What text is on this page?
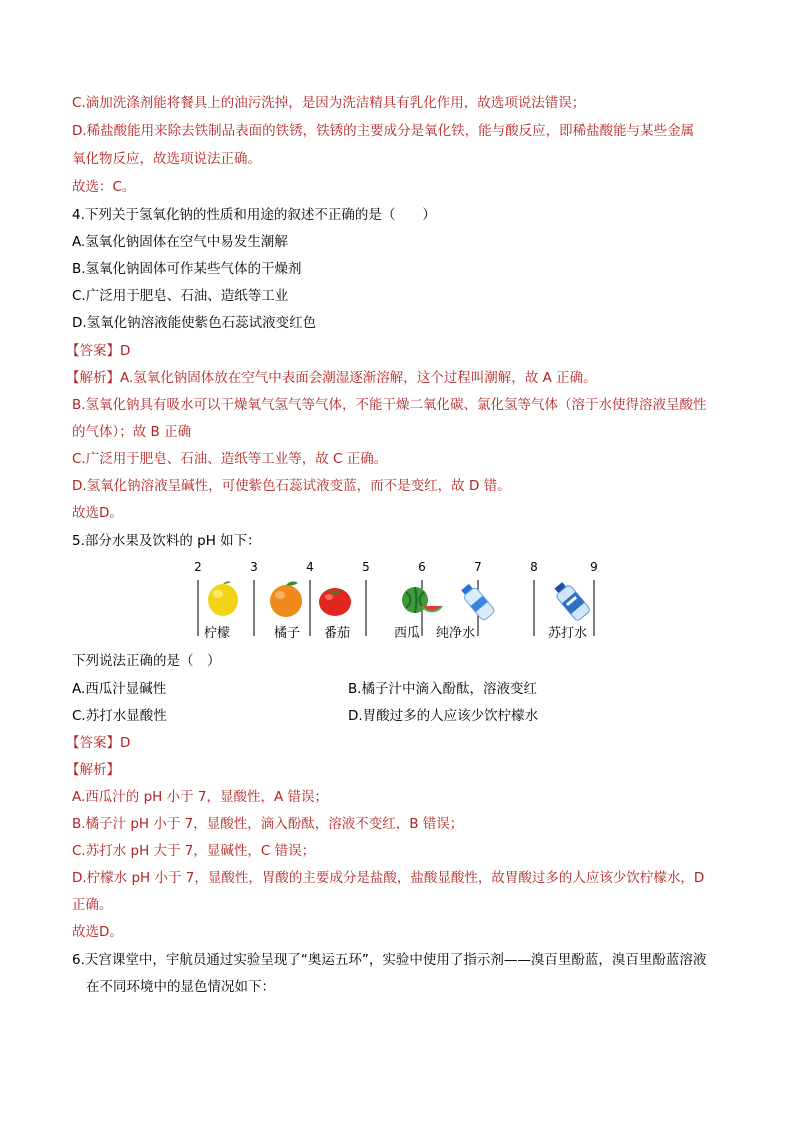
C.滴加洗涤剂能将餐具上的油污洗掉，是因为洗洁精具有乳化作用，故选项说法错误；
D.稀盐酸能用来除去铁制品表面的铁锈，铁锈的主要成分是氧化铁，能与酸反应，即稀盐酸能与某些金属
氧化物反应，故选项说法正确。
故选：C。
4.下列关于氢氧化钠的性质和用途的叙述不正确的是（　　）
A.氢氧化钠固体在空气中易发生潮解
B.氢氧化钠固体可作某些气体的干燥剂
C.广泛用于肥皂、石油、造纸等工业
D.氢氧化钠溶液能使紫色石蕊试液变红色
【答案】D
【解析】A.氢氧化钠固体放在空气中表面会潮湿逐渐溶解，这个过程叫潮解，故 A 正确。
B.氢氧化钠具有吸水可以干燥氧气氢气等气体，不能干燥二氧化碳、氯化氢等气体（溶于水使得溶液呈酸性
的气体）；故 B 正确
C.广泛用于肥皂、石油、造纸等工业等，故 C 正确。
D.氢氧化钠溶液呈碱性，可使紫色石蕊试液变蓝，而不是变红，故 D 错。
故选D。
5.部分水果及饮料的 pH 如下：
2	3	4	5	6	7	8	9
柠檬	橘子 番茄	西瓜 纯净水	苏打水
下列说法正确的是（　）
A.西瓜汁显碱性	B.橘子汁中滴入酚酞，溶液变红
C.苏打水显酸性	D.胃酸过多的人应该少饮柠檬水
【答案】D
【解析】
A.西瓜汁的 pH 小于 7，显酸性，A 错误；
B.橘子汁 pH 小于 7，显酸性，滴入酚酞，溶液不变红，B 错误；
C.苏打水 pH 大于 7，显碱性，C 错误；
D.柠檬水 pH 小于 7，显酸性，胃酸的主要成分是盐酸，盐酸显酸性，故胃酸过多的人应该少饮柠檬水，D
正确。
故选D。
6.天宫课堂中，宇航员通过实验呈现了“奥运五环”，实验中使用了指示剂——溴百里酚蓝，溴百里酚蓝溶液
在不同环境中的显色情况如下：
